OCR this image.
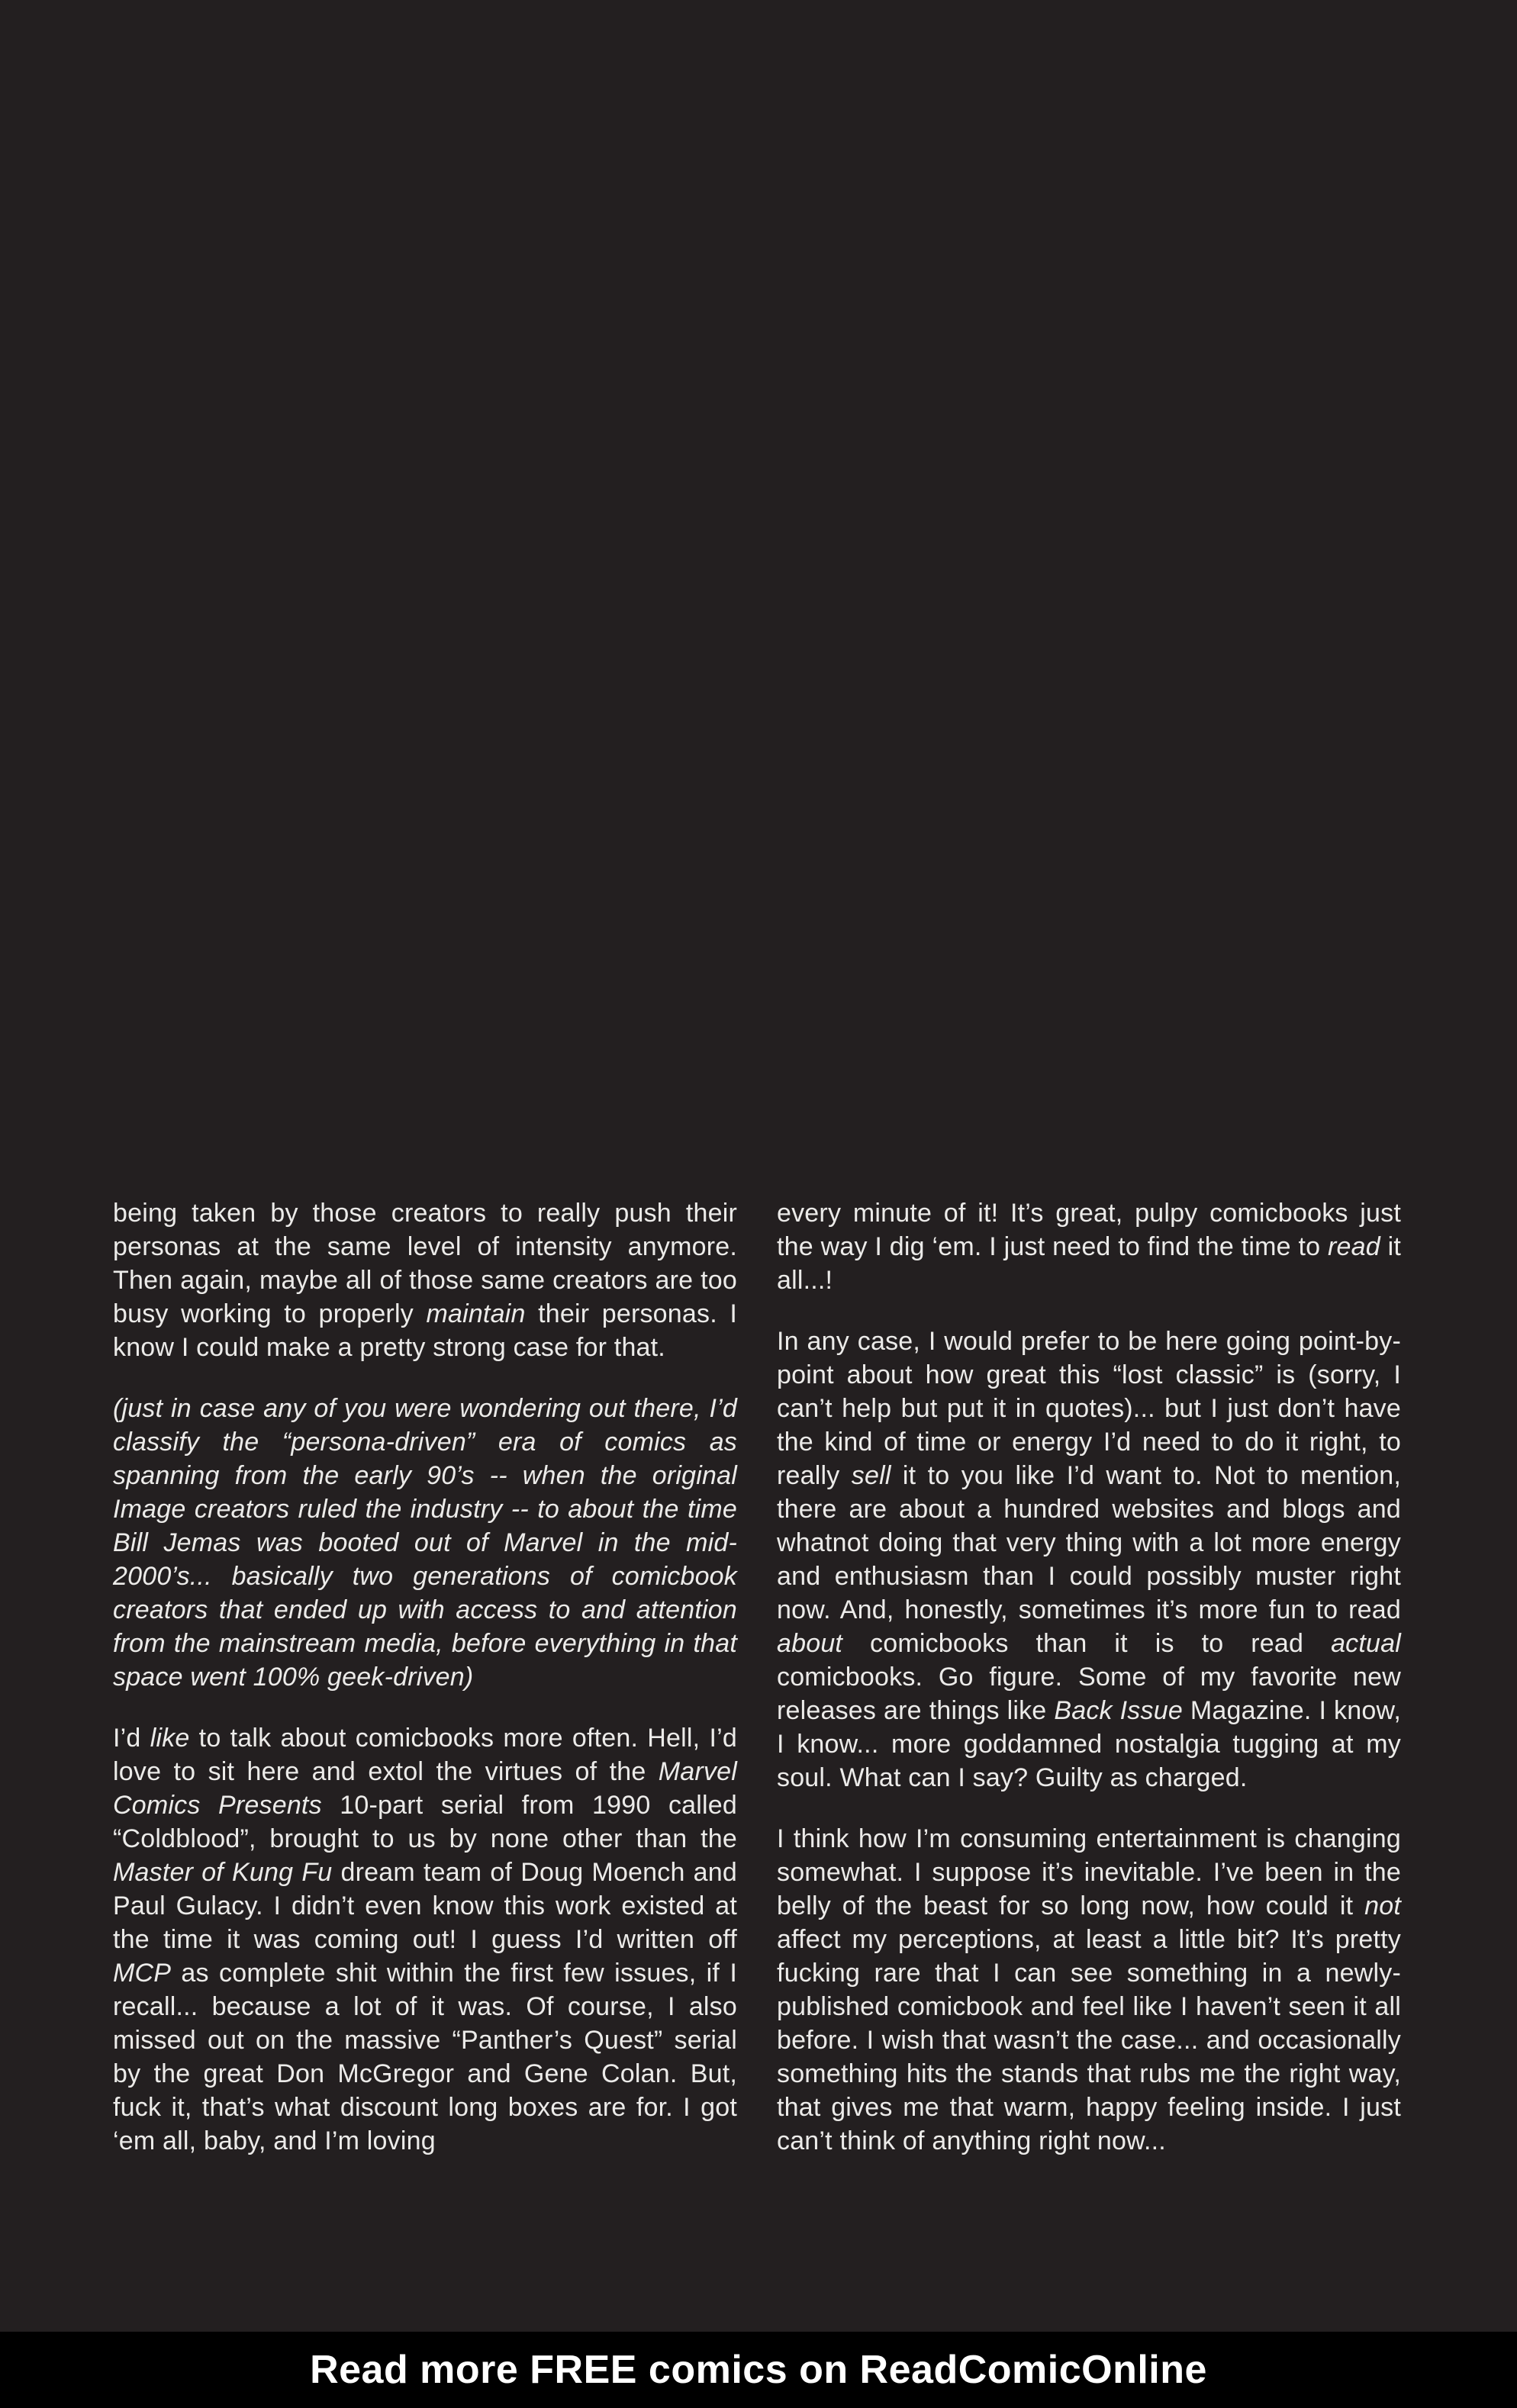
being taken by those creators to really push their personas at the same level of intensity anymore. Then again, maybe all of those same creators are too busy working to properly maintain their personas. I know I could make a pretty strong case for that.

(just in case any of you were wondering out there, I’d classify the “persona-driven” era of comics as spanning from the early 90’s -- when the original Image creators ruled the industry -- to about the time Bill Jemas was booted out of Marvel in the mid-2000’s... basically two generations of comicbook creators that ended up with access to and attention from the mainstream media, before everything in that space went 100% geek-driven)

I’d like to talk about comicbooks more often. Hell, I’d love to sit here and extol the virtues of the Marvel Comics Presents 10-part serial from 1990 called “Coldblood”, brought to us by none other than the Master of Kung Fu dream team of Doug Moench and Paul Gulacy. I didn’t even know this work existed at the time it was coming out! I guess I’d written off MCP as complete shit within the first few issues, if I recall... because a lot of it was. Of course, I also missed out on the massive “Panther’s Quest” serial by the great Don McGregor and Gene Colan. But, fuck it, that’s what discount long boxes are for. I got ‘em all, baby, and I’m loving

every minute of it! It’s great, pulpy comicbooks just the way I dig ‘em. I just need to find the time to read it all...!

In any case, I would prefer to be here going point-by-point about how great this “lost classic” is (sorry, I can’t help but put it in quotes)... but I just don’t have the kind of time or energy I’d need to do it right, to really sell it to you like I’d want to. Not to mention, there are about a hundred websites and blogs and whatnot doing that very thing with a lot more energy and enthusiasm than I could possibly muster right now. And, honestly, sometimes it’s more fun to read about comicbooks than it is to read actual comicbooks. Go figure. Some of my favorite new releases are things like Back Issue Magazine. I know, I know... more goddamned nostalgia tugging at my soul. What can I say? Guilty as charged.

I think how I’m consuming entertainment is changing somewhat. I suppose it’s inevitable. I’ve been in the belly of the beast for so long now, how could it not affect my perceptions, at least a little bit? It’s pretty fucking rare that I can see something in a newly-published comicbook and feel like I haven’t seen it all before. I wish that wasn’t the case... and occasionally something hits the stands that rubs me the right way, that gives me that warm, happy feeling inside. I just can’t think of anything right now...

Read more FREE comics on ReadComicOnline
